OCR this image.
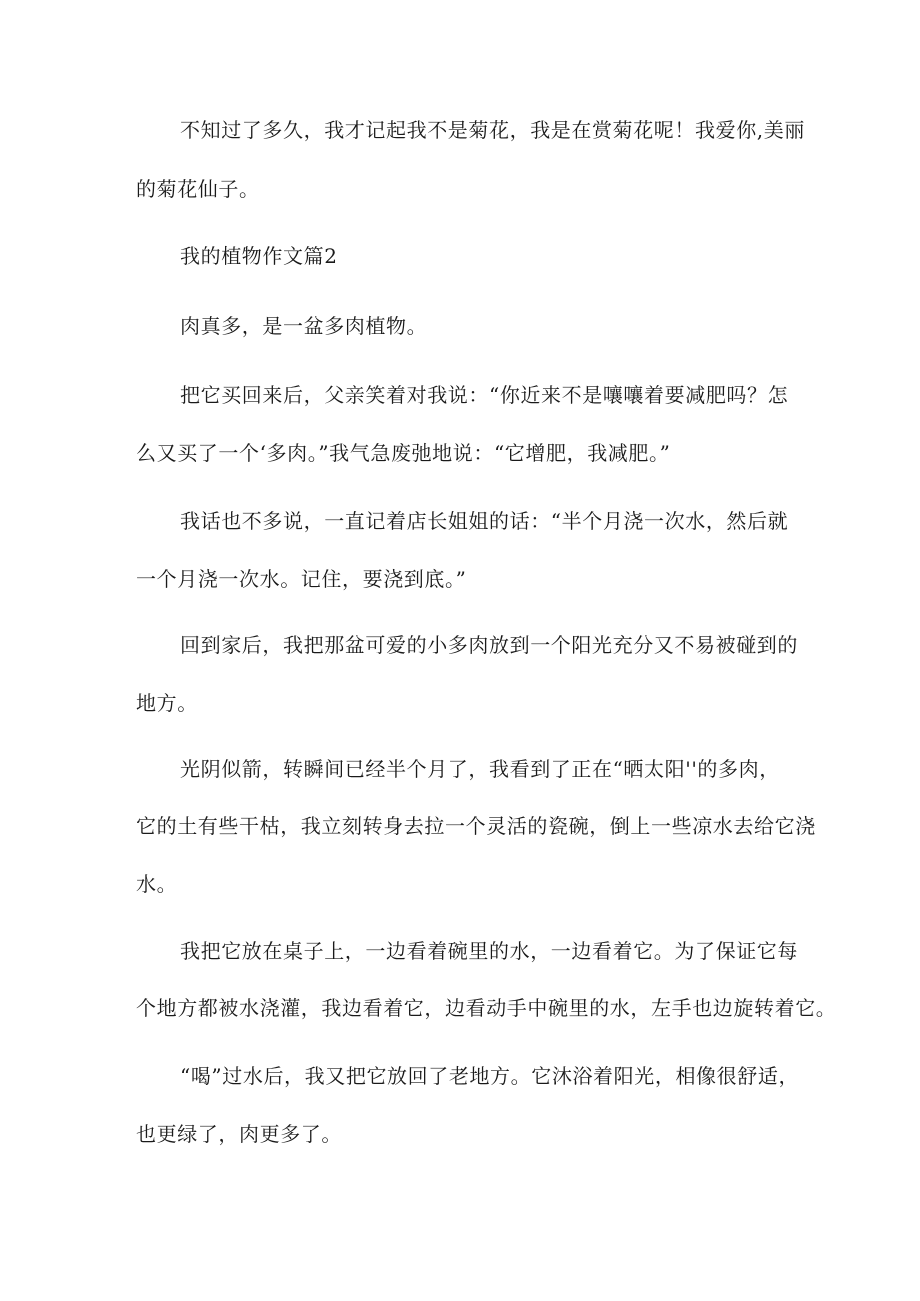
不知过了多久，我才记起我不是菊花，我是在赏菊花呢！我爱你,美丽
的菊花仙子。
我的植物作文篇2
肉真多，是一盆多肉植物。
把它买回来后，父亲笑着对我说：“你近来不是嚷嚷着要减肥吗？怎
么又买了一个‘多肉。”我气急废弛地说：“它增肥，我减肥。”
我话也不多说，一直记着店长姐姐的话：“半个月浇一次水，然后就
一个月浇一次水。记住，要浇到底。”
回到家后，我把那盆可爱的小多肉放到一个阳光充分又不易被碰到的
地方。
光阴似箭，转瞬间已经半个月了，我看到了正在“晒太阳''的多肉，
它的土有些干枯，我立刻转身去拉一个灵活的瓷碗，倒上一些凉水去给它浇
水。
我把它放在桌子上，一边看着碗里的水，一边看着它。为了保证它每
个地方都被水浇灌，我边看着它，边看动手中碗里的水，左手也边旋转着它。
“喝”过水后，我又把它放回了老地方。它沐浴着阳光，相像很舒适，
也更绿了，肉更多了。
